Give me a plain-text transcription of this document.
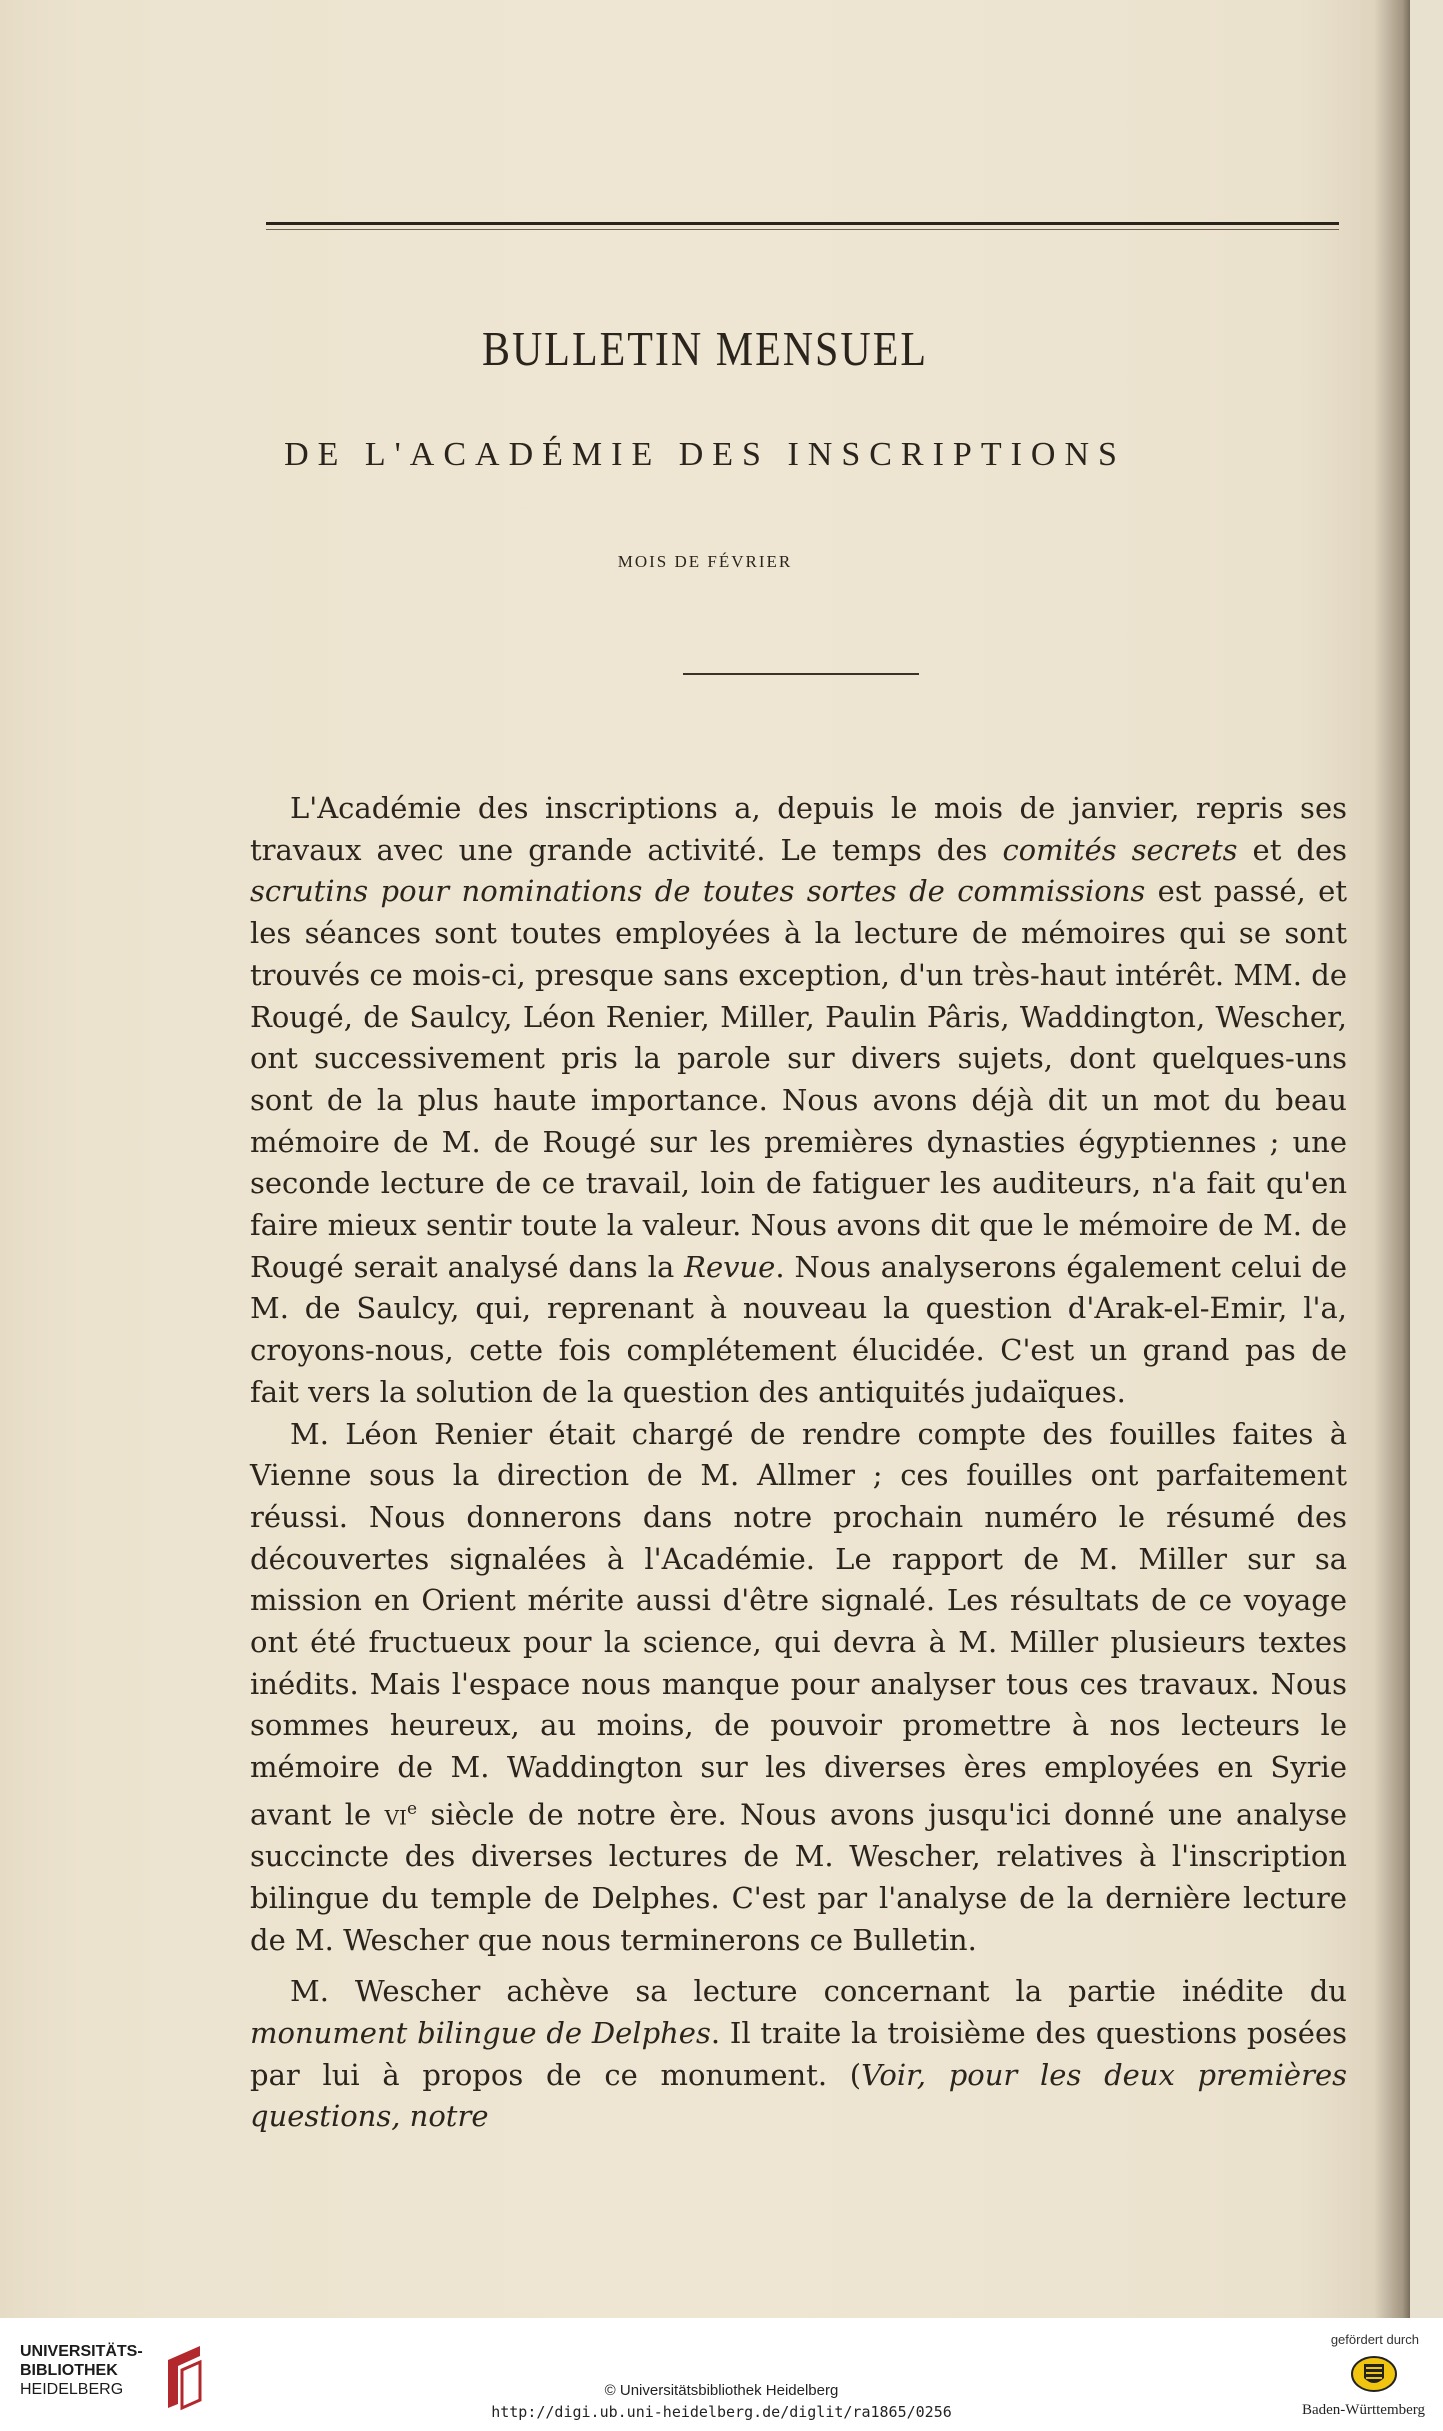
BULLETIN MENSUEL
DE L'ACADÉMIE DES INSCRIPTIONS
MOIS DE FÉVRIER

L'Académie des inscriptions a, depuis le mois de janvier, repris ses travaux avec une grande activité. Le temps des comités secrets et des scrutins pour nominations de toutes sortes de commissions est passé, et les séances sont toutes employées à la lecture de mémoires qui se sont trouvés ce mois-ci, presque sans exception, d'un très-haut intérêt. MM. de Rougé, de Saulcy, Léon Renier, Miller, Paulin Pâris, Waddington, Wescher, ont successivement pris la parole sur divers sujets, dont quelques-uns sont de la plus haute importance. Nous avons déjà dit un mot du beau mémoire de M. de Rougé sur les premières dynasties égyptiennes ; une seconde lecture de ce travail, loin de fatiguer les auditeurs, n'a fait qu'en faire mieux sentir toute la valeur. Nous avons dit que le mémoire de M. de Rougé serait analysé dans la Revue. Nous analyserons également celui de M. de Saulcy, qui, reprenant à nouveau la question d'Arak-el-Emir, l'a, croyons-nous, cette fois complétement élucidée. C'est un grand pas de fait vers la solution de la question des antiquités judaïques.

M. Léon Renier était chargé de rendre compte des fouilles faites à Vienne sous la direction de M. Allmer ; ces fouilles ont parfaitement réussi. Nous donnerons dans notre prochain numéro le résumé des découvertes signalées à l'Académie. Le rapport de M. Miller sur sa mission en Orient mérite aussi d'être signalé. Les résultats de ce voyage ont été fructueux pour la science, qui devra à M. Miller plusieurs textes inédits. Mais l'espace nous manque pour analyser tous ces travaux. Nous sommes heureux, au moins, de pouvoir promettre à nos lecteurs le mémoire de M. Waddington sur les diverses ères employées en Syrie avant le $vi^e$ siècle de notre ère. Nous avons jusqu'ici donné une analyse succincte des diverses lectures de M. Wescher, relatives à l'inscription bilingue du temple de Delphes. C'est par l'analyse de la dernière lecture de M. Wescher que nous terminerons ce Bulletin.

M. Wescher achève sa lecture concernant la partie inédite du monument bilingue de Delphes. Il traite la troisième des questions posées par lui à propos de ce monument. (Voir, pour les deux premières questions, notre

UNIVERSITÄTS-
BIBLIOTHEK
HEIDELBERG	© Universitätsbibliothek Heidelberg
http://digi.ub.uni-heidelberg.de/diglit/ra1865/0256
gefördert durch
Baden-Württemberg
